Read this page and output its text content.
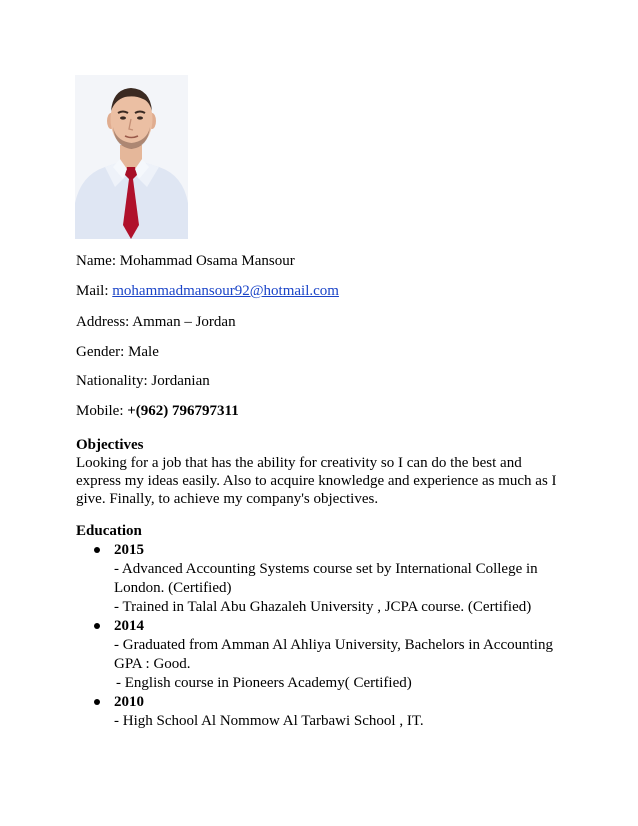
Name: Mohammad Osama Mansour
Mail: mohammadmansour92@hotmail.com
Address: Amman – Jordan
Gender: Male
Nationality: Jordanian
Mobile: +(962) 796797311
Objectives
Looking for a job that has the ability for creativity so I can do the best and
express my ideas easily. Also to acquire knowledge and experience as much as I
give. Finally, to achieve my company's objectives.
Education
2015
- Advanced Accounting Systems course set by International College in
London. (Certified)
- Trained in Talal Abu Ghazaleh University , JCPA course. (Certified)
2014
- Graduated from Amman Al Ahliya University, Bachelors in Accounting
GPA : Good.
- English course in Pioneers Academy( Certified)
2010
- High School Al Nommow Al Tarbawi School , IT.
